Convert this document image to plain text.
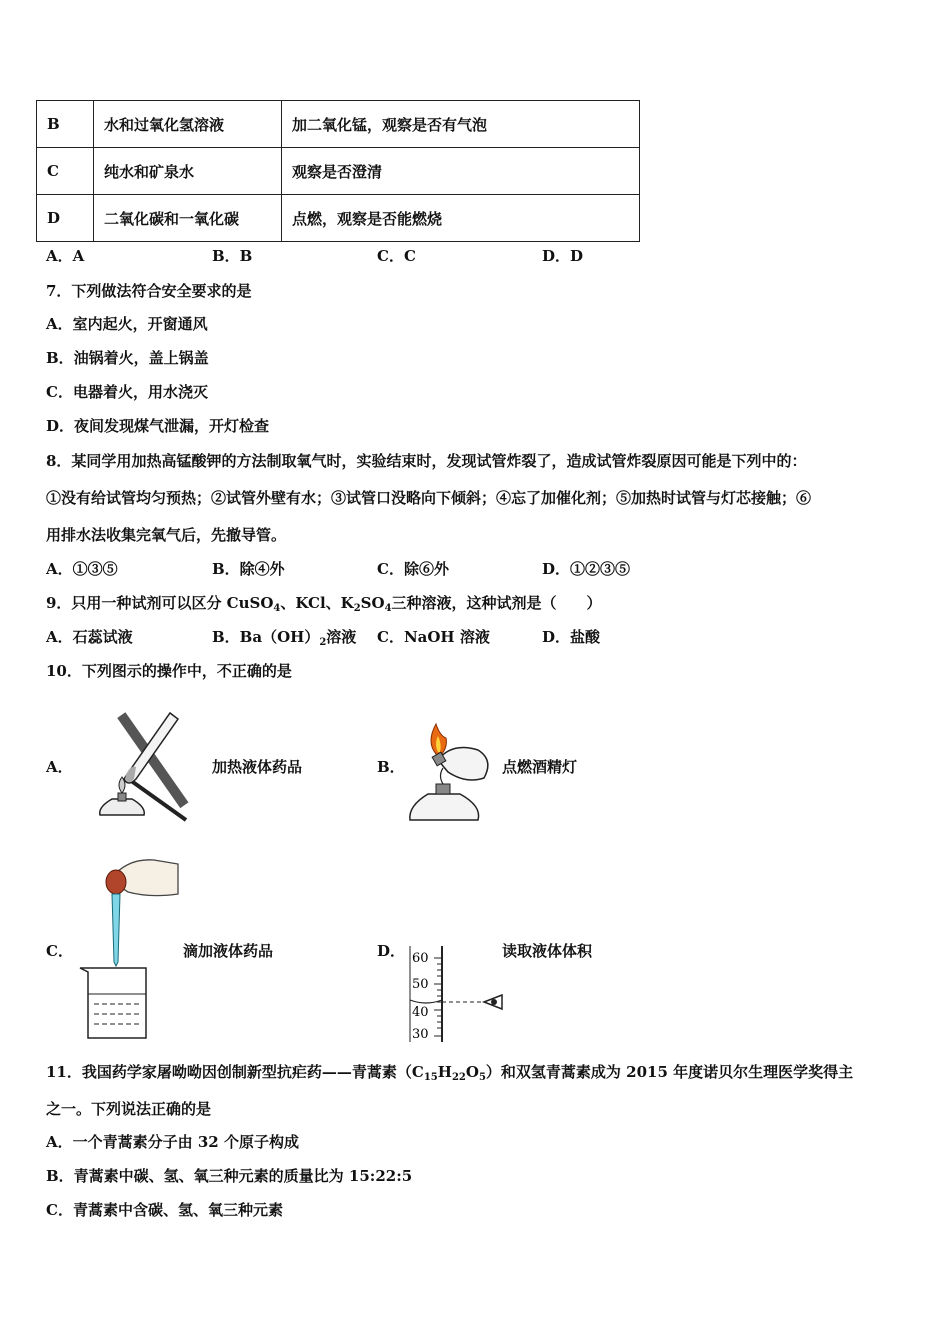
B	水和过氧化氢溶液	加二氧化锰，观察是否有气泡
C	纯水和矿泉水	观察是否澄清
D	二氧化碳和一氧化碳	点燃，观察是否能燃烧
A．A	B．B	C．C	D．D
7．下列做法符合安全要求的是
A．室内起火，开窗通风
B．油锅着火，盖上锅盖
C．电器着火，用水浇灭
D．夜间发现煤气泄漏，开灯检查
8．某同学用加热高锰酸钾的方法制取氧气时，实验结束时，发现试管炸裂了，造成试管炸裂原因可能是下列中的：
①没有给试管均匀预热；②试管外壁有水；③试管口没略向下倾斜；④忘了加催化剂；⑤加热时试管与灯芯接触；⑥
用排水法收集完氧气后，先撤导管。
A．①③⑤	B．除④外	C．除⑥外	D．①②③⑤
9．只用一种试剂可以区分 CuSO$_4$、KCl、$K_2SO_4$三种溶液，这种试剂是（　　）
A．石蕊试液	B．$Ba(OH)_2$溶液 C．NaOH 溶液	D．盐酸
10．下列图示的操作中，不正确的是
A．	加热液体药品	B．	点燃酒精灯
C．	滴加液体药品	D． 60
50
40
30
读取液体体积
11．我国药学家屠呦呦因创制新型抗疟药——青蒿素$(C_{15}H_{22}O_5)$和双氢青蒿素成为 2015 年度诺贝尔生理医学奖得主
之一。下列说法正确的是
A．一个青蒿素分子由 32 个原子构成
B．青蒿素中碳、氢、氧三种元素的质量比为 15:22:5
C．青蒿素中含碳、氢、氧三种元素
